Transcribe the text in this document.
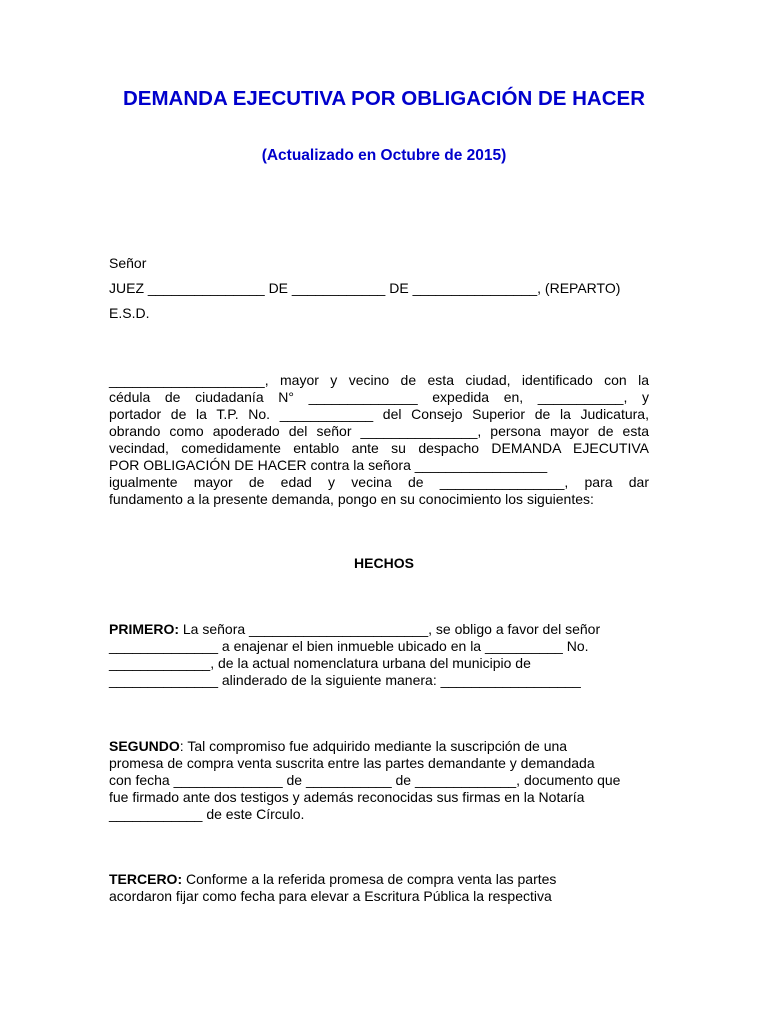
DEMANDA EJECUTIVA POR OBLIGACIÓN DE HACER
(Actualizado en Octubre de 2015)
Señor
JUEZ _______________ DE ____________ DE ________________, (REPARTO)
E.S.D.
____________________, mayor y vecino de esta ciudad, identificado con la
cédula de ciudadanía N° ______________ expedida en, ___________, y
portador de la T.P. No. ____________ del Consejo Superior de la Judicatura,
obrando como apoderado del señor _______________, persona mayor de esta
vecindad, comedidamente entablo ante su despacho DEMANDA EJECUTIVA
POR OBLIGACIÓN DE HACER contra la señora _________________
igualmente mayor de edad y vecina de ________________, para dar
fundamento a la presente demanda, pongo en su conocimiento los siguientes:
HECHOS
PRIMERO: La señora _______________________, se obligo a favor del señor
______________ a enajenar el bien inmueble ubicado en la __________ No.
_____________, de la actual nomenclatura urbana del municipio de
______________ alinderado de la siguiente manera: __________________
SEGUNDO: Tal compromiso fue adquirido mediante la suscripción de una
promesa de compra venta suscrita entre las partes demandante y demandada
con fecha ______________ de ___________ de _____________, documento que
fue firmado ante dos testigos y además reconocidas sus firmas en la Notaría
____________ de este Círculo.
TERCERO: Conforme a la referida promesa de compra venta las partes
acordaron fijar como fecha para elevar a Escritura Pública la respectiva
